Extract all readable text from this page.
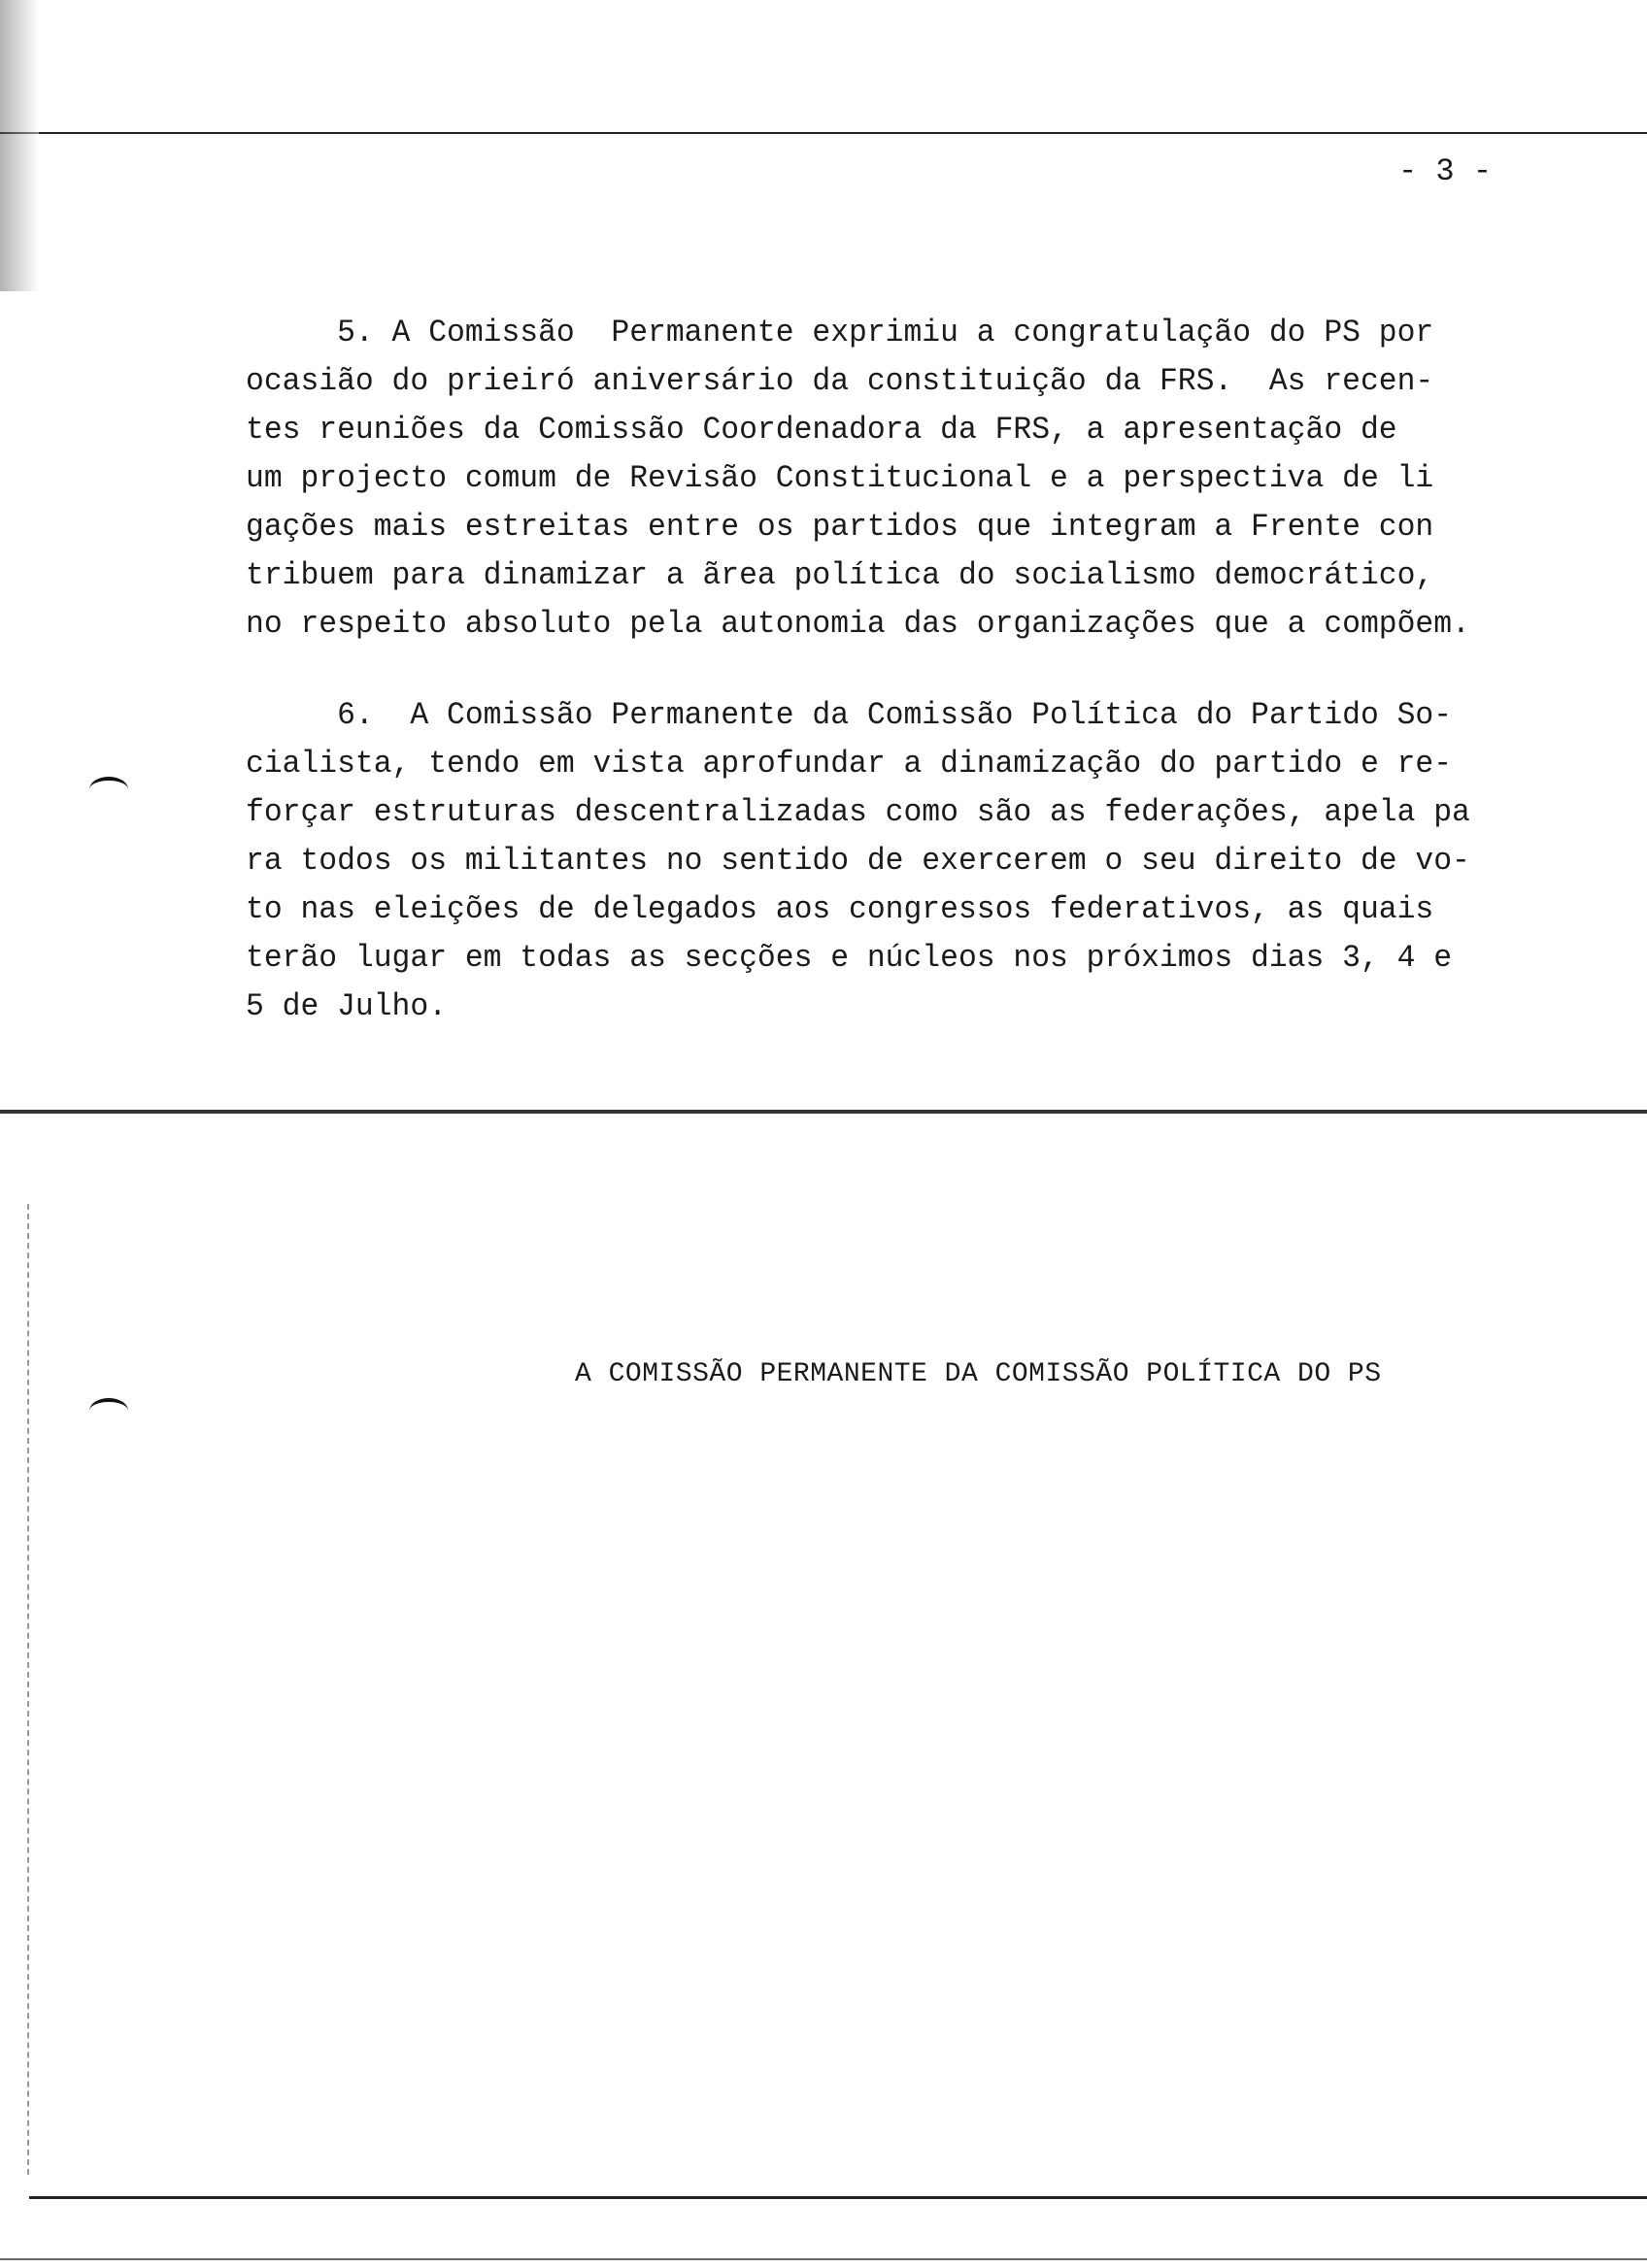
- 3 -
5. A Comissão  Permanente exprimiu a congratulação do PS por
ocasião do prieiró aniversário da constituição da FRS.  As recen-
tes reuniões da Comissão Coordenadora da FRS, a apresentação de
um projecto comum de Revisão Constitucional e a perspectiva de li
gações mais estreitas entre os partidos que integram a Frente con
tribuem para dinamizar a ãrea política do socialismo democrático,
no respeito absoluto pela autonomia das organizações que a compõem.
6.  A Comissão Permanente da Comissão Política do Partido So-
cialista, tendo em vista aprofundar a dinamização do partido e re-
forçar estruturas descentralizadas como são as federações, apela pa
ra todos os militantes no sentido de exercerem o seu direito de vo-
to nas eleições de delegados aos congressos federativos, as quais
terão lugar em todas as secções e núcleos nos próximos dias 3, 4 e
5 de Julho.
A COMISSÃO PERMANENTE DA COMISSÃO POLÍTICA DO PS
